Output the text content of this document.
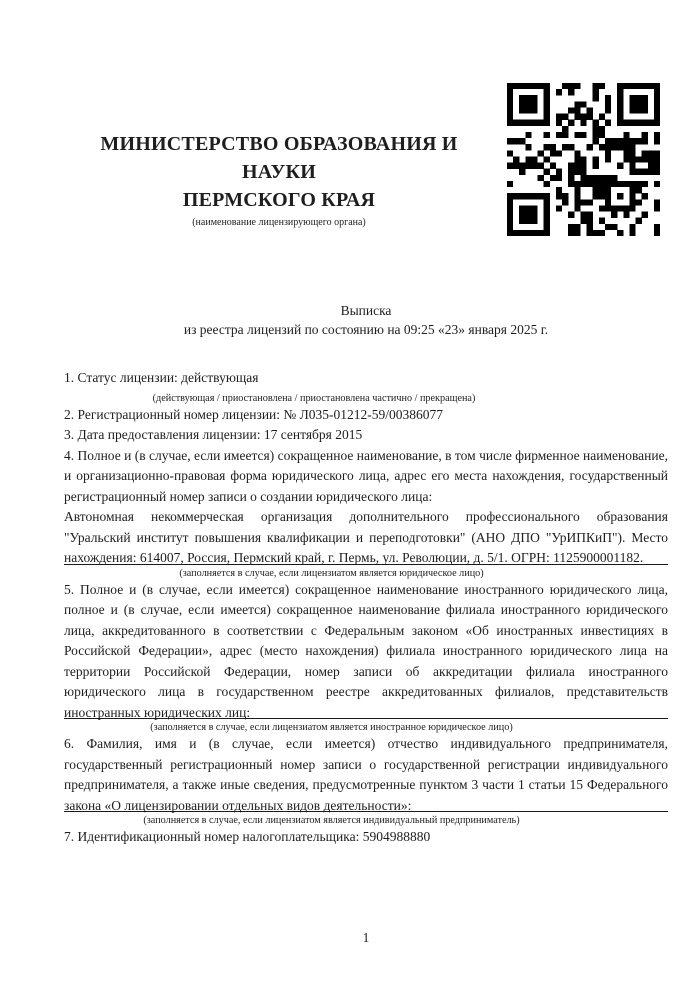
МИНИСТЕРСТВО ОБРАЗОВАНИЯ И НАУКИ
ПЕРМСКОГО КРАЯ
(наименование лицензирующего органа)
Выписка
из реестра лицензий по состоянию на 09:25 «23» января 2025 г.

1. Статус лицензии: действующая

(действующая / приостановлена / приостановлена частично / прекращена)

2. Регистрационный номер лицензии: № Л035-01212-59/00386077

3. Дата предоставления лицензии: 17 сентября 2015

4. Полное и (в случае, если имеется) сокращенное наименование, в том числе фирменное наименование, и организационно-правовая форма юридического лица, адрес его места нахождения, государственный регистрационный номер записи о создании юридического лица:

Автономная некоммерческая организация дополнительного профессионального образования "Уральский институт повышения квалификации и переподготовки" (АНО ДПО "УрИПКиП"). Место нахождения: 614007, Россия, Пермский край, г. Пермь, ул. Революции, д. 5/1. ОГРН: 1125900001182.

(заполняется в случае, если лицензиатом является юридическое лицо)

5. Полное и (в случае, если имеется) сокращенное наименование иностранного юридического лица, полное и (в случае, если имеется) сокращенное наименование филиала иностранного юридического лица, аккредитованного в соответствии с Федеральным законом «Об иностранных инвестициях в Российской Федерации», адрес (место нахождения) филиала иностранного юридического лица на территории Российской Федерации, номер записи об аккредитации филиала иностранного юридического лица в государственном реестре аккредитованных филиалов, представительств иностранных юридических лиц:

(заполняется в случае, если лицензиатом является иностранное юридическое лицо)

6. Фамилия, имя и (в случае, если имеется) отчество индивидуального предпринимателя, государственный регистрационный номер записи о государственной регистрации индивидуального предпринимателя, а также иные сведения, предусмотренные пунктом 3 части 1 статьи 15 Федерального закона «О лицензировании отдельных видов деятельности»:

(заполняется в случае, если лицензиатом является индивидуальный предприниматель)

7. Идентификационный номер налогоплательщика: 5904988880

1
